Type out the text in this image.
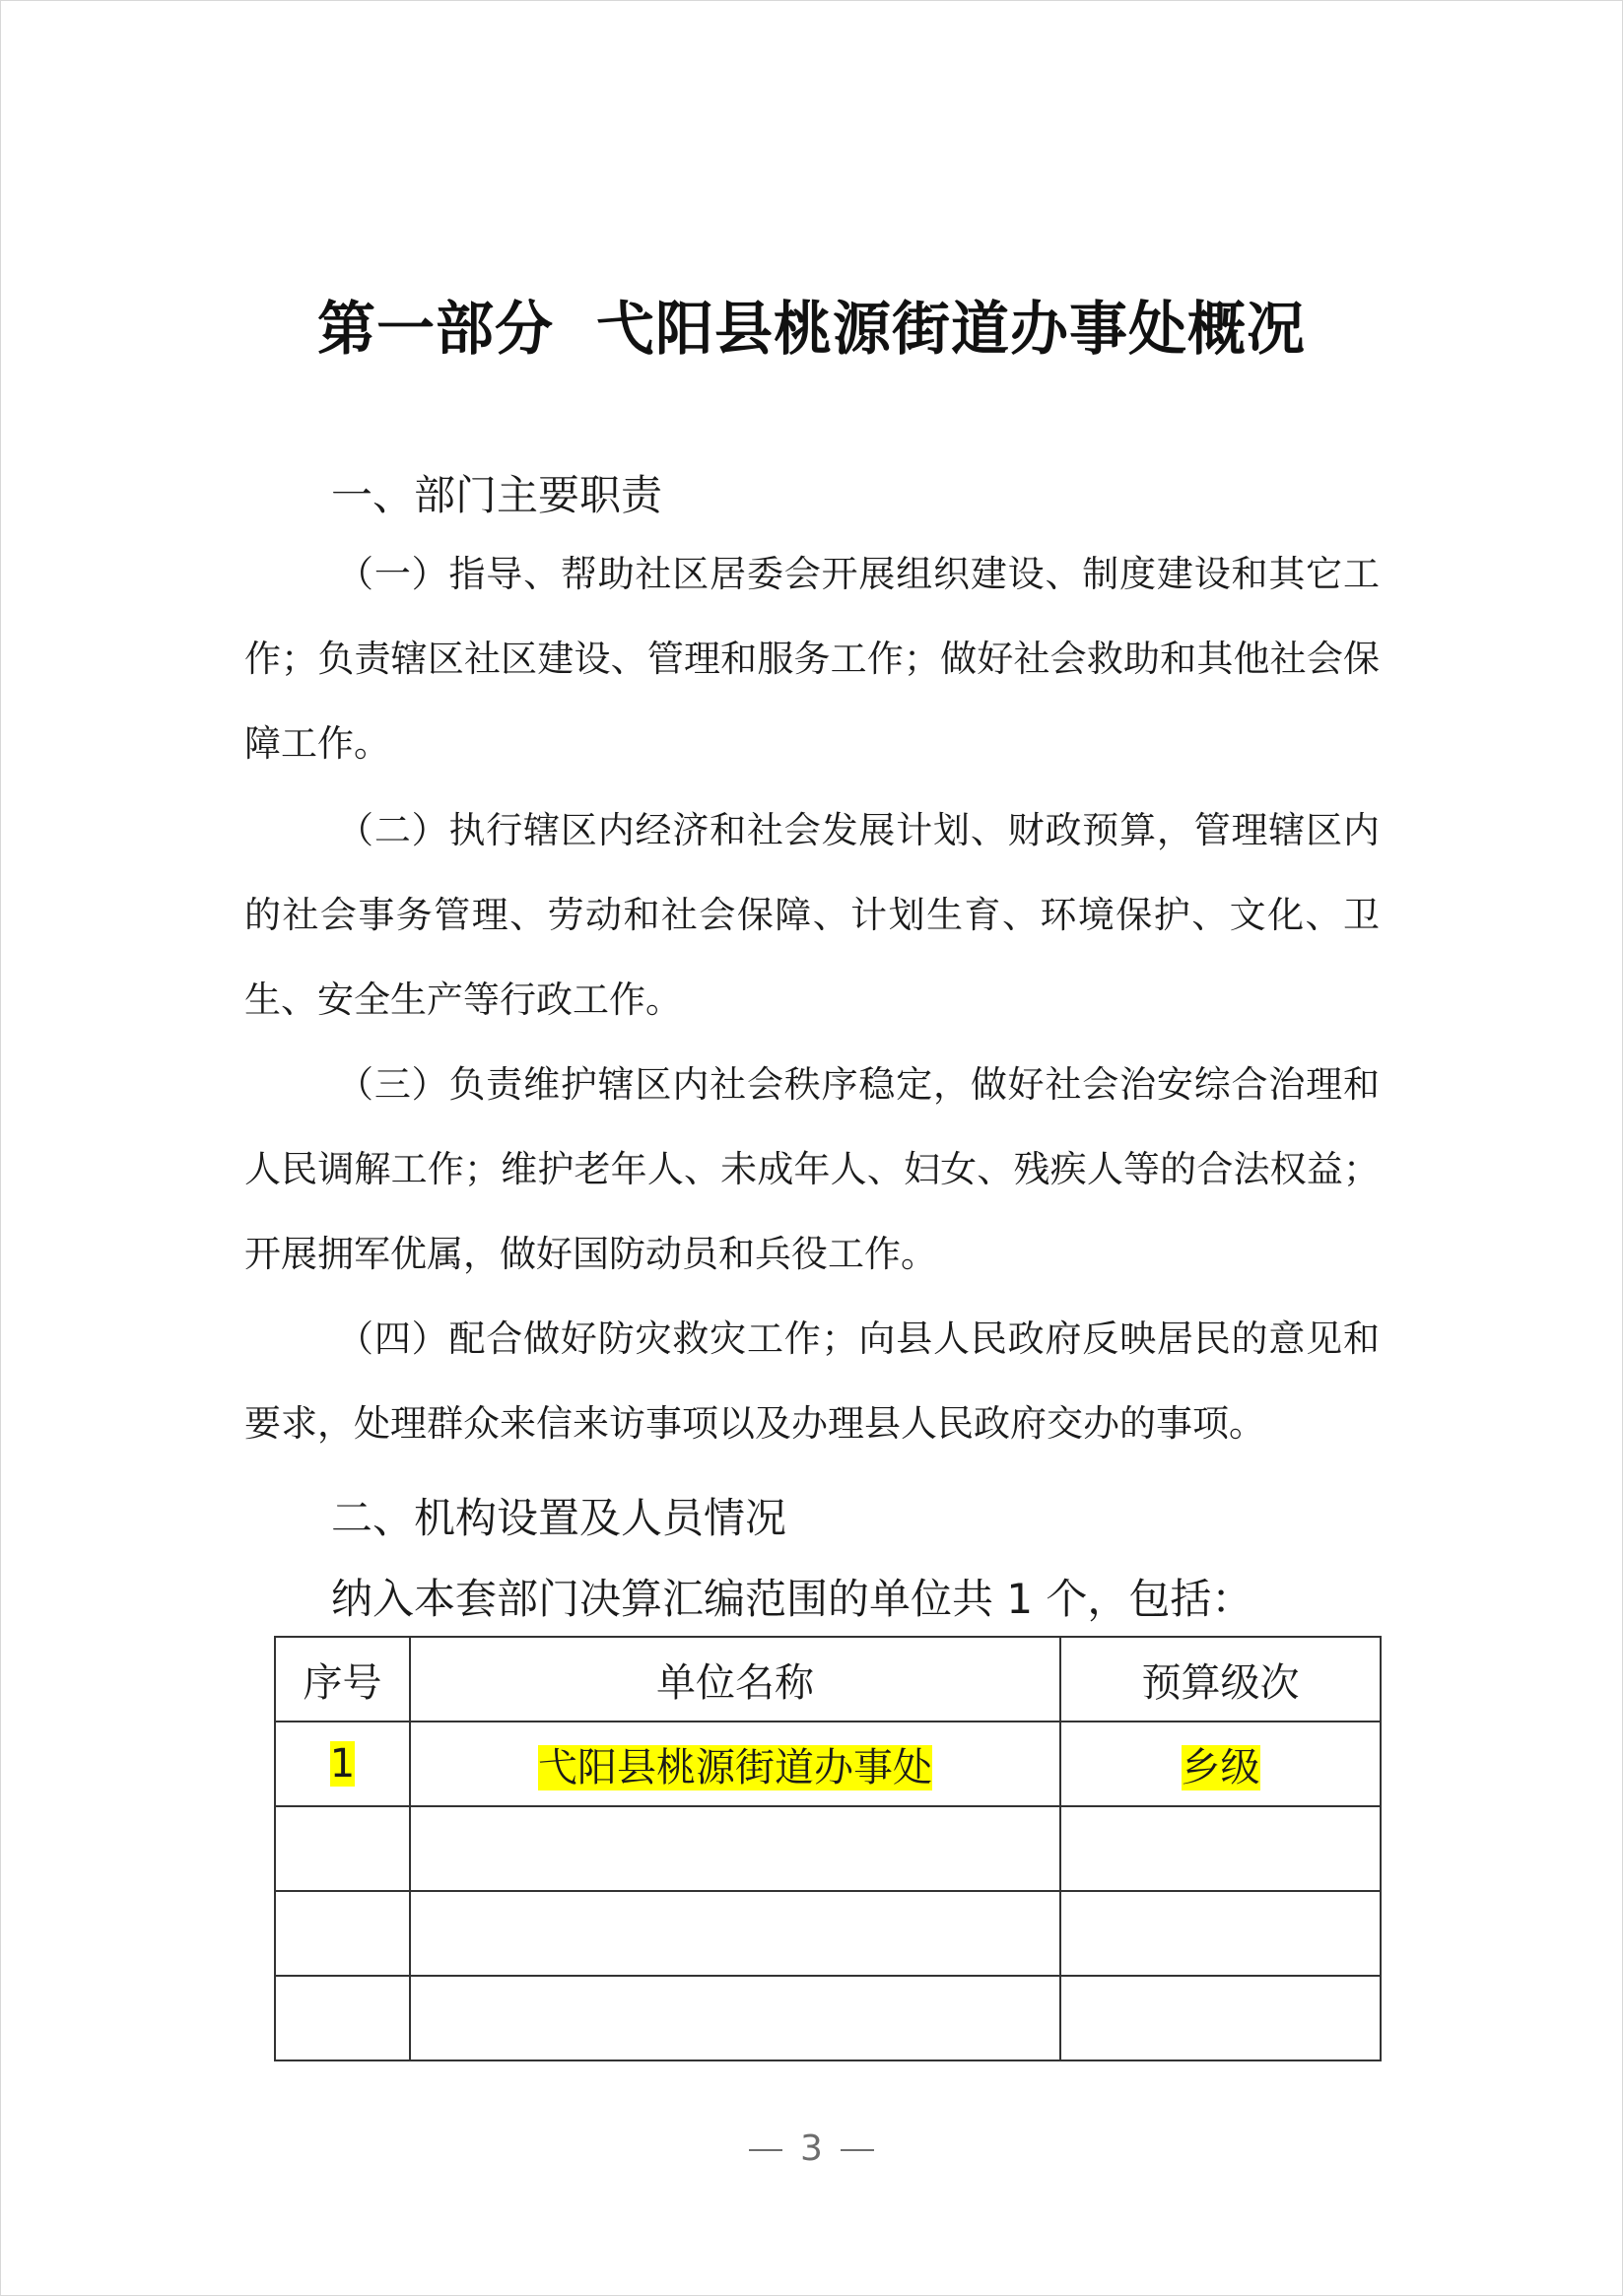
第一部分  弋阳县桃源街道办事处概况
一、部门主要职责

（一）指导、帮助社区居委会开展组织建设、制度建设和其它工作；负责辖区社区建设、管理和服务工作；做好社会救助和其他社会保障工作。

（二）执行辖区内经济和社会发展计划、财政预算，管理辖区内的社会事务管理、劳动和社会保障、计划生育、环境保护、文化、卫生、安全生产等行政工作。

（三）负责维护辖区内社会秩序稳定，做好社会治安综合治理和人民调解工作；维护老年人、未成年人、妇女、残疾人等的合法权益；开展拥军优属，做好国防动员和兵役工作。

（四）配合做好防灾救灾工作；向县人民政府反映居民的意见和要求，处理群众来信来访事项以及办理县人民政府交办的事项。

二、机构设置及人员情况
纳入本套部门决算汇编范围的单位共 1 个，包括：
序号	单位名称	预算级次
1	弋阳县桃源街道办事处	乡级

3
